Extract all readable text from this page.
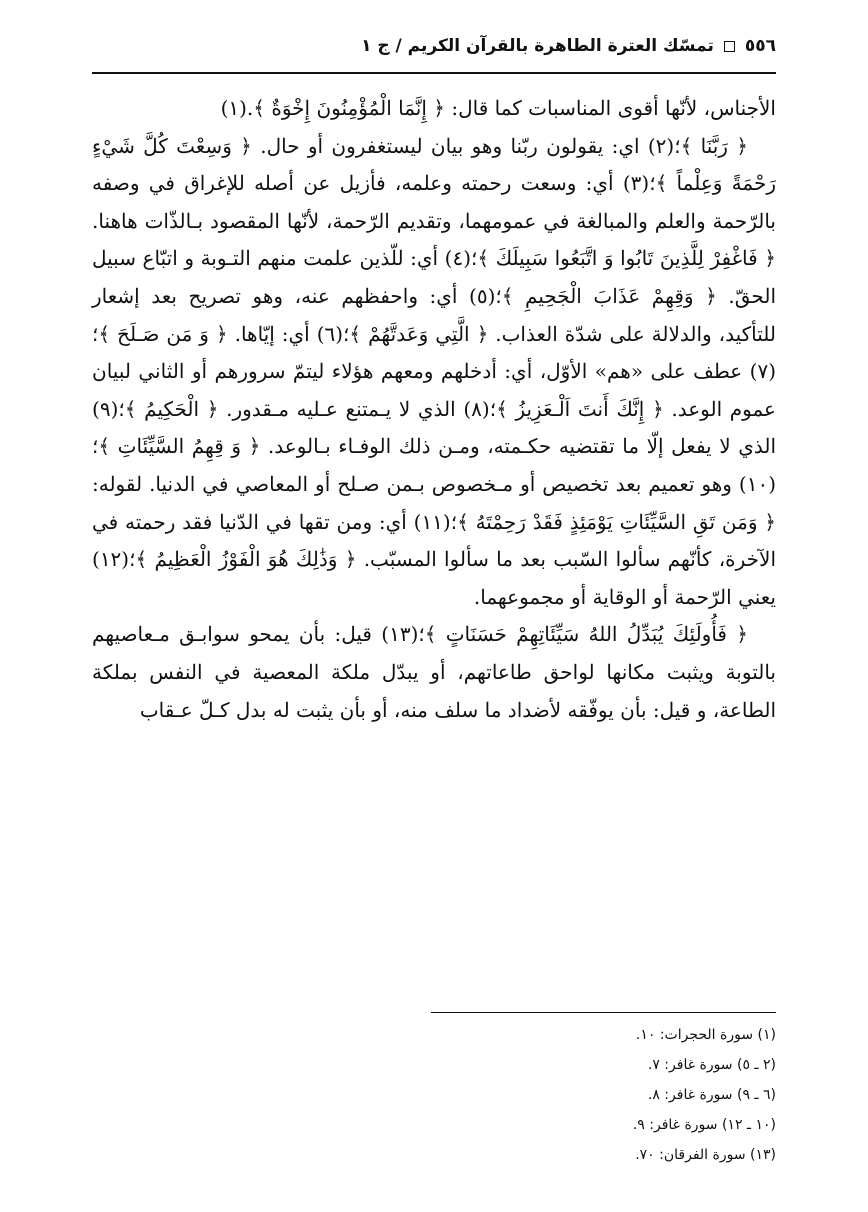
٥٥٦
تمسّك العترة الطاهرة بالقرآن الكريم / ج ١

الأجناس، لأنّها أقوى المناسبات كما قال: ﴿ إِنَّمَا الْمُؤْمِنُونَ إِخْوَةٌ ﴾.(١)

﴿ رَبَّنَا ﴾؛(٢) اي: يقولون ربّنا وهو بيان ليستغفرون أو حال. ﴿ وَسِعْتَ كُلَّ شَيْءٍ رَحْمَةً وَعِلْماً ﴾؛(٣) أي: وسعت رحمته وعلمه، فأزيل عن أصله للإغراق في وصفه بالرّحمة والعلم والمبالغة في عمومهما، وتقديم الرّحمة، لأنّها المقصود بـالذّات هاهنا. ﴿ فَاغْفِرْ لِلَّذِينَ تَابُوا وَ اتَّبَعُوا سَبِيلَكَ ﴾؛(٤) أي: للّذين علمت منهم التـوبة و اتبّاع سبيل الحقّ. ﴿ وَقِهِمْ عَذَابَ الْجَحِيمِ ﴾؛(٥) أي: واحفظهم عنه، وهو تصريح بعد إشعار للتأكيد، والدلالة على شدّة العذاب. ﴿ الَّتِي وَعَدتَّهُمْ ﴾؛(٦) أي: إيّاها. ﴿ وَ مَن صَـلَحَ ﴾؛(٧) عطف على «هم» الأوّل، أي: أدخلهم ومعهم هؤلاء ليتمّ سرورهم أو الثاني لبيان عموم الوعد. ﴿ إِنَّكَ أَنتَ اَلْـعَزِيزُ ﴾؛(٨) الذي لا يـمتنع عـليه مـقدور. ﴿ الْحَكِيمُ ﴾؛(٩) الذي لا يفعل إلّا ما تقتضيه حكـمته، ومـن ذلك الوفـاء بـالوعد. ﴿ وَ قِهِمُ السَّيِّئَاتِ ﴾؛(١٠) وهو تعميم بعد تخصيص أو مـخصوص بـمن صـلح أو المعاصي في الدنيا. لقوله: ﴿ وَمَن تَقِ السَّيِّئَاتِ يَوْمَئِذٍ فَقَدْ رَحِمْتَهُ ﴾؛(١١) أي: ومن تقها في الدّنيا فقد رحمته في الآخرة، كأنّهم سألوا السّبب بعد ما سألوا المسبّب. ﴿ وَذَٰلِكَ هُوَ الْفَوْزُ الْعَظِيمُ ﴾؛(١٢) يعني الرّحمة أو الوقاية أو مجموعهما.

﴿ فَأُولَئِكَ يُبَدِّلُ اللهُ سَيِّئَاتِهِمْ حَسَنَاتٍ ﴾؛(١٣) قيل: بأن يمحو سوابـق مـعاصيهم بالتوبة ويثبت مكانها لواحق طاعاتهم، أو يبدّل ملكة المعصية في النفس بملكة الطاعة، و قيل: بأن يوفّقه لأضداد ما سلف منه، أو بأن يثبت له بدل كـلّ عـقاب

(١) سورة الحجرات: ١٠.
(٢ ـ ٥) سورة غافر: ٧.
(٦ ـ ٩) سورة غافر: ٨.
(١٠ ـ ١٢) سورة غافر: ٩.
(١٣) سورة الفرقان: ٧٠.
